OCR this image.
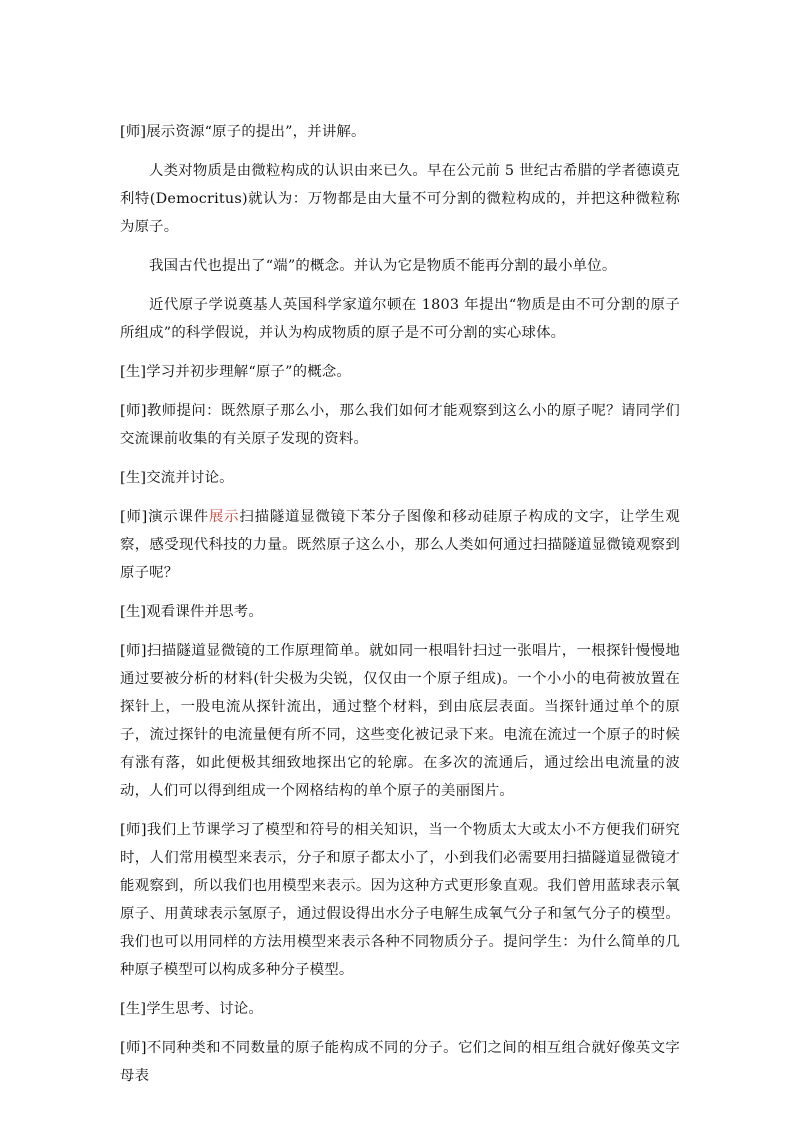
[师]展示资源“原子的提出”，并讲解。

人类对物质是由微粒构成的认识由来已久。早在公元前 5 世纪古希腊的学者德谟克利特(Democritus)就认为：万物都是由大量不可分割的微粒构成的，并把这种微粒称为原子。

我国古代也提出了“端”的概念。并认为它是物质不能再分割的最小单位。

近代原子学说奠基人英国科学家道尔顿在 1803 年提出“物质是由不可分割的原子所组成”的科学假说，并认为构成物质的原子是不可分割的实心球体。

[生]学习并初步理解“原子”的概念。

[师]教师提问：既然原子那么小，那么我们如何才能观察到这么小的原子呢？请同学们交流课前收集的有关原子发现的资料。

[生]交流并讨论。

[师]演示课件展示扫描隧道显微镜下苯分子图像和移动硅原子构成的文字，让学生观察，感受现代科技的力量。既然原子这么小，那么人类如何通过扫描隧道显微镜观察到原子呢？

[生]观看课件并思考。

[师]扫描隧道显微镜的工作原理简单。就如同一根唱针扫过一张唱片，一根探针慢慢地通过要被分析的材料(针尖极为尖锐，仅仅由一个原子组成)。一个小小的电荷被放置在探针上，一股电流从探针流出，通过整个材料，到由底层表面。当探针通过单个的原子，流过探针的电流量便有所不同，这些变化被记录下来。电流在流过一个原子的时候有涨有落，如此便极其细致地探出它的轮廓。在多次的流通后，通过绘出电流量的波动，人们可以得到组成一个网格结构的单个原子的美丽图片。

[师]我们上节课学习了模型和符号的相关知识，当一个物质太大或太小不方便我们研究时，人们常用模型来表示，分子和原子都太小了，小到我们必需要用扫描隧道显微镜才能观察到，所以我们也用模型来表示。因为这种方式更形象直观。我们曾用蓝球表示氧原子、用黄球表示氢原子，通过假设得出水分子电解生成氧气分子和氢气分子的模型。我们也可以用同样的方法用模型来表示各种不同物质分子。提问学生：为什么简单的几种原子模型可以构成多种分子模型。

[生]学生思考、讨论。

[师]不同种类和不同数量的原子能构成不同的分子。它们之间的相互组合就好像英文字母表
